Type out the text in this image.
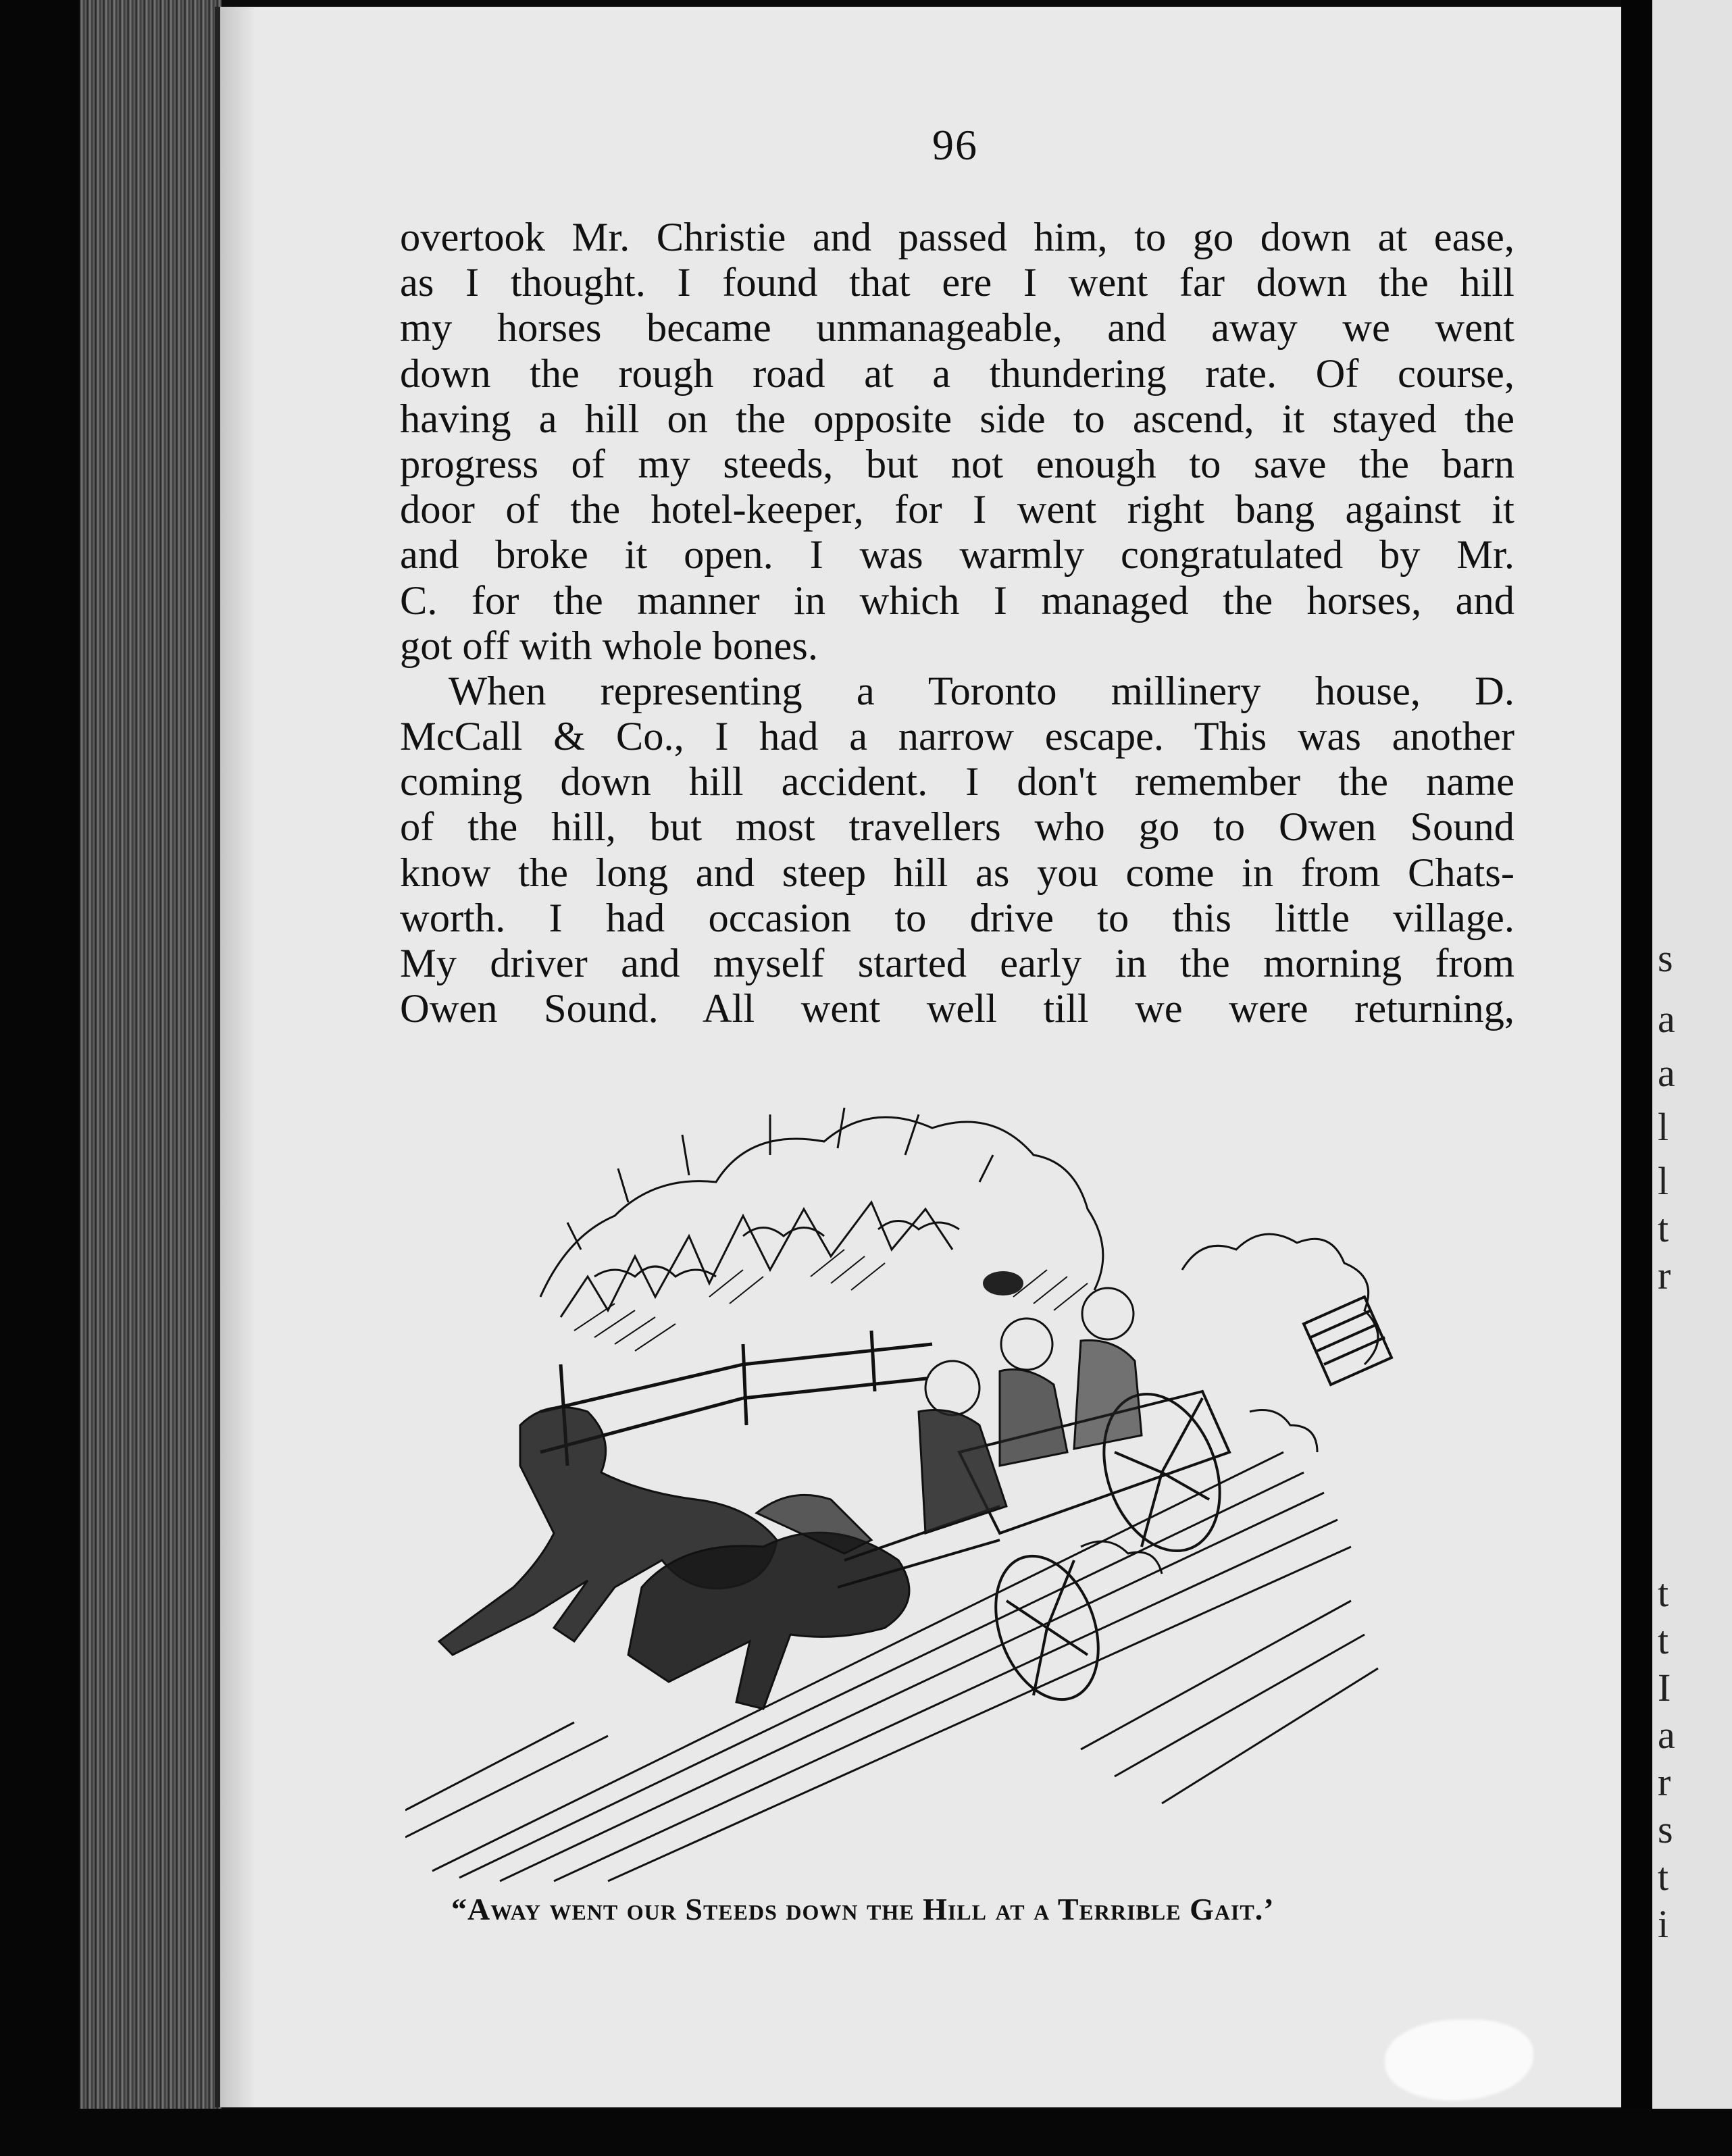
s
a
a
l
l
t
r
t
t
I
a
r
s
t
i
96
overtook Mr. Christie and passed him, to go down at ease,
as I thought. I found that ere I went far down the hill
my horses became unmanageable, and away we went
down the rough road at a thundering rate. Of course,
having a hill on the opposite side to ascend, it stayed the
progress of my steeds, but not enough to save the barn
door of the hotel-keeper, for I went right bang against it
and broke it open. I was warmly congratulated by Mr.
C. for the manner in which I managed the horses, and
got off with whole bones.
When representing a Toronto millinery house, D.
McCall & Co., I had a narrow escape. This was another
coming down hill accident. I don't remember the name
of the hill, but most travellers who go to Owen Sound
know the long and steep hill as you come in from Chats-
worth. I had occasion to drive to this little village.
My driver and myself started early in the morning from
Owen Sound. All went well till we were returning,
“Away went our Steeds down the Hill at a Terrible Gait.’
